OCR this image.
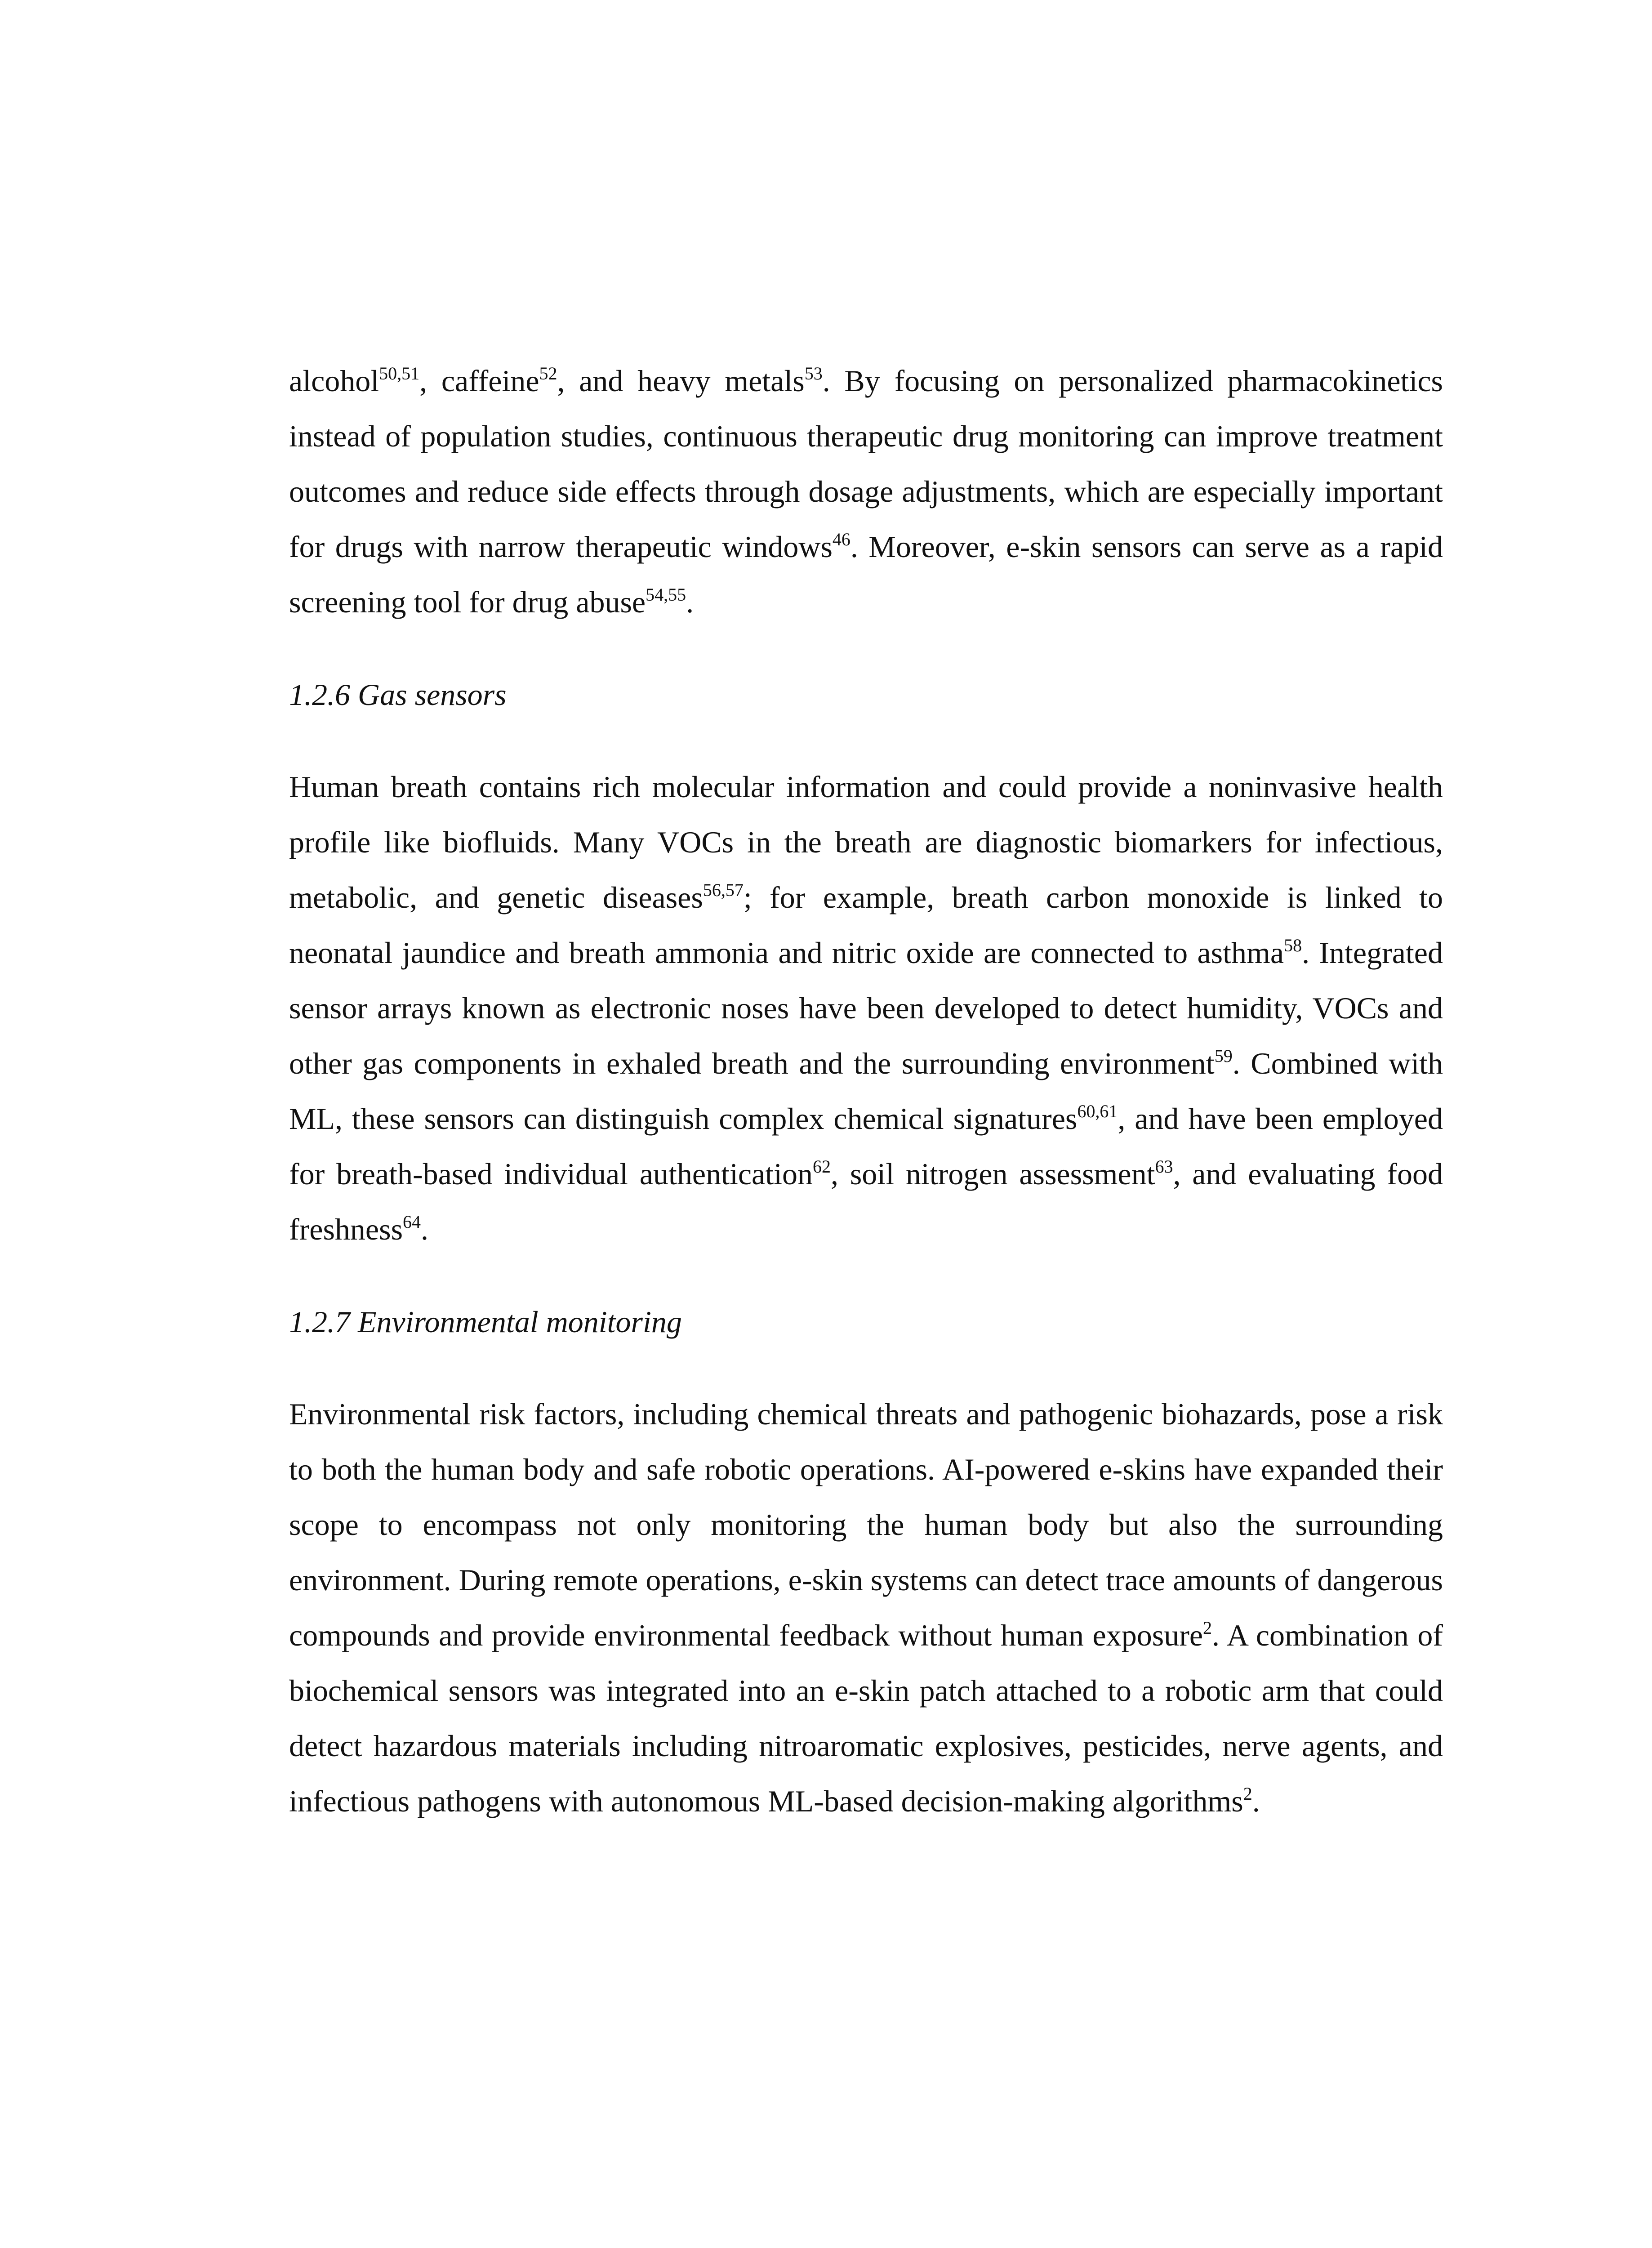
alcohol$^{50,51}$, caffeine$^{52}$, and heavy metals$^{53}$. By focusing on personalized pharmacokinetics instead of population studies, continuous therapeutic drug monitoring can improve treatment outcomes and reduce side effects through dosage adjustments, which are especially important for drugs with narrow therapeutic windows$^{46}$. Moreover, e-skin sensors can serve as a rapid screening tool for drug abuse$^{54,55}$.

1.2.6 Gas sensors

Human breath contains rich molecular information and could provide a noninvasive health profile like biofluids. Many VOCs in the breath are diagnostic biomarkers for infectious, metabolic, and genetic diseases$^{56,57}$; for example, breath carbon monoxide is linked to neonatal jaundice and breath ammonia and nitric oxide are connected to asthma$^{58}$. Integrated sensor arrays known as electronic noses have been developed to detect humidity, VOCs and other gas components in exhaled breath and the surrounding environment$^{59}$. Combined with ML, these sensors can distinguish complex chemical signatures$^{60,61}$, and have been employed for breath-based individual authentication$^{62}$, soil nitrogen assessment$^{63}$, and evaluating food freshness$^{64}$.

1.2.7 Environmental monitoring

Environmental risk factors, including chemical threats and pathogenic biohazards, pose a risk to both the human body and safe robotic operations. AI-powered e-skins have expanded their scope to encompass not only monitoring the human body but also the surrounding environment. During remote operations, e-skin systems can detect trace amounts of dangerous compounds and provide environmental feedback without human exposure$^2$. A combination of biochemical sensors was integrated into an e-skin patch attached to a robotic arm that could detect hazardous materials including nitroaromatic explosives, pesticides, nerve agents, and infectious pathogens with autonomous ML-based decision-making algorithms$^2$.
